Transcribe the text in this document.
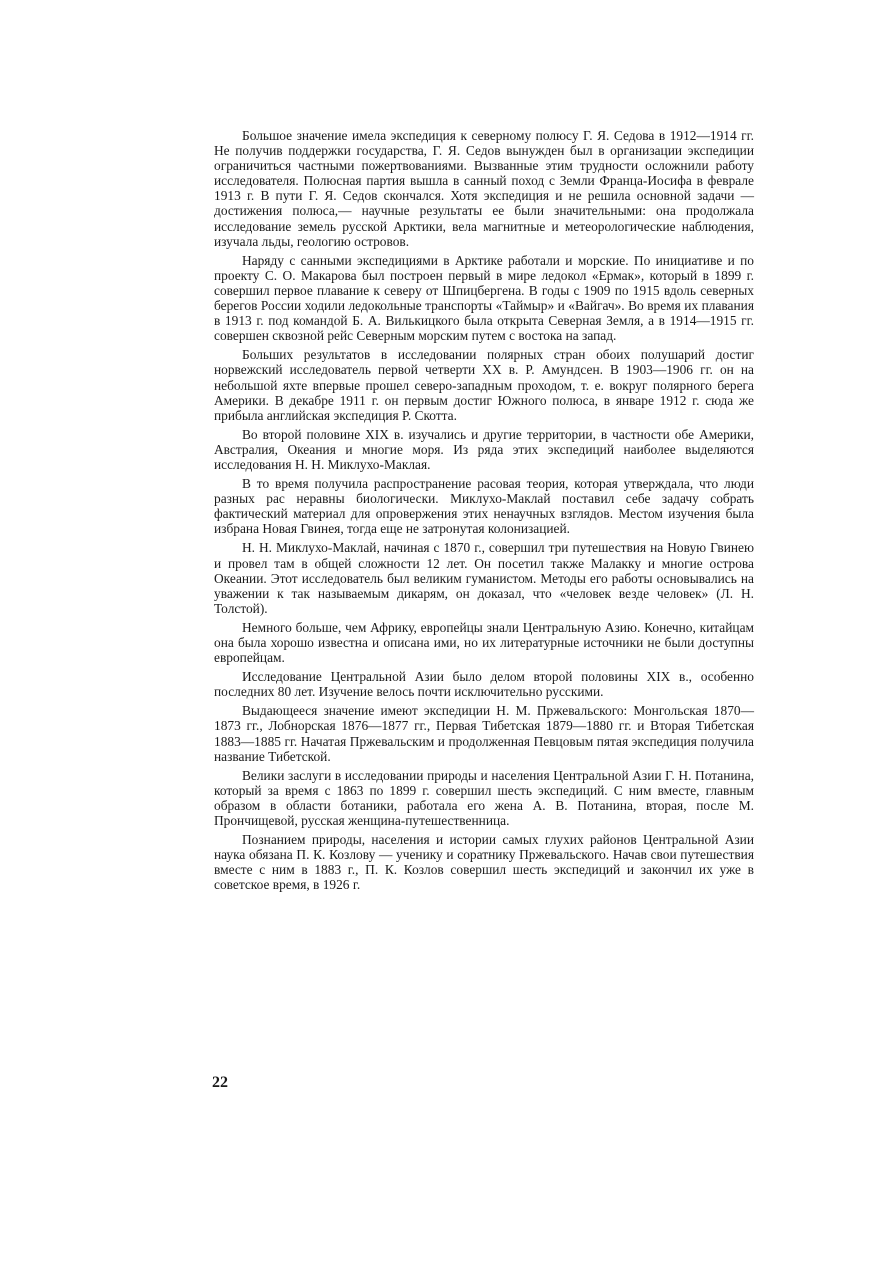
Большое значение имела экспедиция к северному полюсу Г. Я. Седова в 1912—1914 гг. Не получив поддержки государства, Г. Я. Седов вынужден был в организации экспедиции ограничиться частными пожертвованиями. Вызванные этим трудности осложнили работу исследователя. Полюсная партия вышла в санный поход с Земли Франца-Иосифа в феврале 1913 г. В пути Г. Я. Седов скончался. Хотя экспедиция и не решила основной задачи — достижения полюса,— научные результаты ее были значительными: она продолжала исследование земель русской Арктики, вела магнитные и метеорологические наблюдения, изучала льды, геологию островов.

Наряду с санными экспедициями в Арктике работали и морские. По инициативе и по проекту С. О. Макарова был построен первый в мире ледокол «Ермак», который в 1899 г. совершил первое плавание к северу от Шпицбергена. В годы с 1909 по 1915 вдоль северных берегов России ходили ледокольные транспорты «Таймыр» и «Вайгач». Во время их плавания в 1913 г. под командой Б. А. Вилькицкого была открыта Северная Земля, а в 1914—1915 гг. совершен сквозной рейс Северным морским путем с востока на запад.

Больших результатов в исследовании полярных стран обоих полушарий достиг норвежский исследователь первой четверти XX в. Р. Амундсен. В 1903—1906 гг. он на небольшой яхте впервые прошел северо-западным проходом, т. е. вокруг полярного берега Америки. В декабре 1911 г. он первым достиг Южного полюса, в январе 1912 г. сюда же прибыла английская экспедиция Р. Скотта.

Во второй половине XIX в. изучались и другие территории, в частности обе Америки, Австралия, Океания и многие моря. Из ряда этих экспедиций наиболее выделяются исследования Н. Н. Миклухо-Маклая.

В то время получила распространение расовая теория, которая утверждала, что люди разных рас неравны биологически. Миклухо-Маклай поставил себе задачу собрать фактический материал для опровержения этих ненаучных взглядов. Местом изучения была избрана Новая Гвинея, тогда еще не затронутая колонизацией.

Н. Н. Миклухо-Маклай, начиная с 1870 г., совершил три путешествия на Новую Гвинею и провел там в общей сложности 12 лет. Он посетил также Малакку и многие острова Океании. Этот исследователь был великим гуманистом. Методы его работы основывались на уважении к так называемым дикарям, он доказал, что «человек везде человек» (Л. Н. Толстой).

Немного больше, чем Африку, европейцы знали Центральную Азию. Конечно, китайцам она была хорошо известна и описана ими, но их литературные источники не были доступны европейцам.

Исследование Центральной Азии было делом второй половины XIX в., особенно последних 80 лет. Изучение велось почти исключительно русскими.

Выдающееся значение имеют экспедиции Н. М. Пржевальского: Монгольская 1870—1873 гг., Лобнорская 1876—1877 гг., Первая Тибетская 1879—1880 гг. и Вторая Тибетская 1883—1885 гг. Начатая Пржевальским и продолженная Певцовым пятая экспедиция получила название Тибетской.

Велики заслуги в исследовании природы и населения Центральной Азии Г. Н. Потанина, который за время с 1863 по 1899 г. совершил шесть экспедиций. С ним вместе, главным образом в области ботаники, работала его жена А. В. Потанина, вторая, после М. Прончищевой, русская женщина-путешественница.

Познанием природы, населения и истории самых глухих районов Центральной Азии наука обязана П. К. Козлову — ученику и соратнику Пржевальского. Начав свои путешествия вместе с ним в 1883 г., П. К. Козлов совершил шесть экспедиций и закончил их уже в советское время, в 1926 г.

22
